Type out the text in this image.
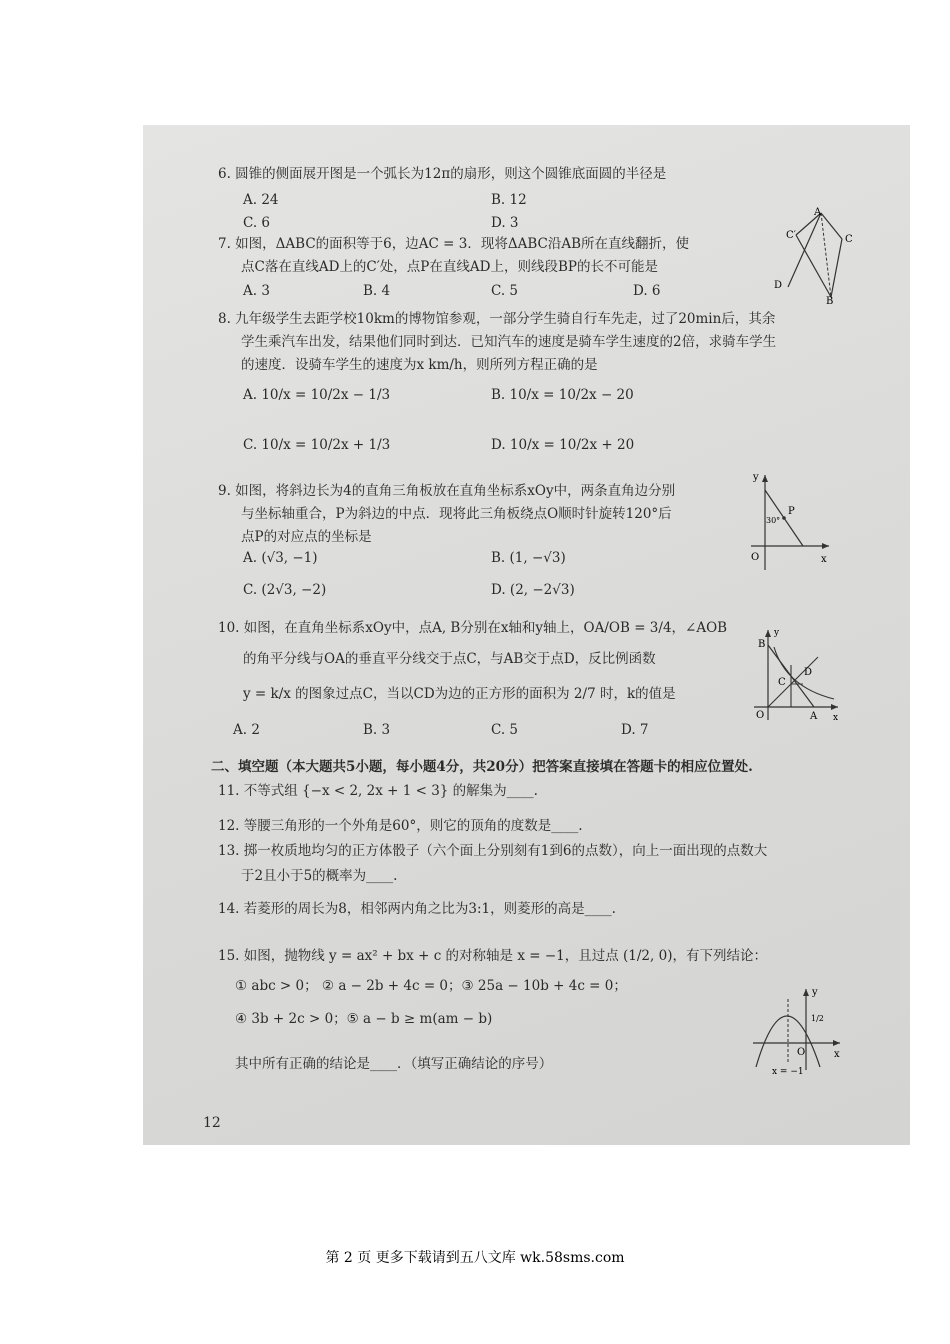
6. 圆锥的侧面展开图是一个弧长为12π的扇形，则这个圆锥底面圆的半径是
A. 24	B. 12
C. 6	D. 3
7. 如图，ΔABC的面积等于6，边AC = 3．现将ΔABC沿AB所在直线翻折，使
点C落在直线AD上的C′处，点P在直线AD上，则线段BP的长不可能是
A. 3	B. 4	C. 5	D. 6
A
C′	C
D
B
8. 九年级学生去距学校10km的博物馆参观，一部分学生骑自行车先走，过了20min后，其余
学生乘汽车出发，结果他们同时到达．已知汽车的速度是骑车学生速度的2倍，求骑车学生
的速度．设骑车学生的速度为x km/h，则所列方程正确的是
A. 10/x = 10/2x − 1/3	B. 10/x = 10/2x − 20
C. 10/x = 10/2x + 1/3	D. 10/x = 10/2x + 20
9. 如图，将斜边长为4的直角三角板放在直角坐标系xOy中，两条直角边分别
与坐标轴重合，P为斜边的中点．现将此三角板绕点O顺时针旋转120°后
点P的对应点的坐标是
A. (√3, −1)	B. (1, −√3)
C. (2√3, −2)	D. (2, −2√3)
y
P
30°
O	x
10. 如图，在直角坐标系xOy中，点A, B分别在x轴和y轴上，OA/OB = 3/4，∠AOB
的角平分线与OA的垂直平分线交于点C，与AB交于点D，反比例函数
y = k/x 的图象过点C，当以CD为边的正方形的面积为 2/7 时，k的值是
A. 2	B. 3	C. 5	D. 7
y
B
D
C
O	A x
二、填空题（本大题共5小题，每小题4分，共20分）把答案直接填在答题卡的相应位置处.
11. 不等式组 {−x < 2, 2x + 1 < 3} 的解集为____.
12. 等腰三角形的一个外角是60°，则它的顶角的度数是____.
13. 掷一枚质地均匀的正方体骰子（六个面上分别刻有1到6的点数），向上一面出现的点数大
于2且小于5的概率为____.
14. 若菱形的周长为8，相邻两内角之比为3:1，则菱形的高是____.
15. 如图，抛物线 y = ax² + bx + c 的对称轴是 x = −1，且过点 (1/2, 0)，有下列结论：
① abc > 0； ② a − 2b + 4c = 0；③ 25a − 10b + 4c = 0；
④ 3b + 2c > 0；⑤ a − b ≥ m(am − b)
其中所有正确的结论是____．（填写正确结论的序号）
y
1/2
O	x
x = −1
12
第 2 页 更多下载请到五八文库 wk.58sms.com
